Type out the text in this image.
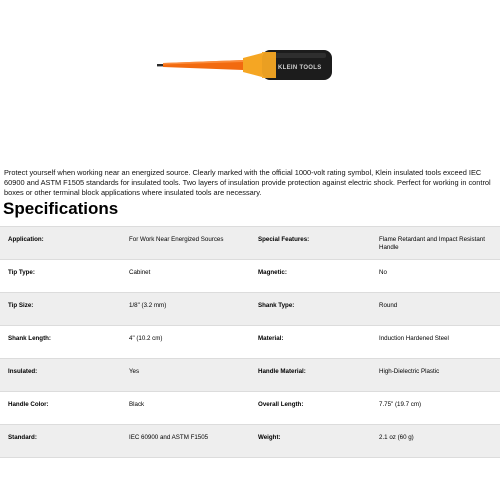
KLEIN TOOLS

Protect yourself when working near an energized source. Clearly marked with the official 1000-volt rating symbol, Klein insulated tools exceed IEC 60900 and ASTM F1505 standards for insulated tools. Two layers of insulation provide protection against electric shock. Perfect for working in control boxes or other terminal block applications where insulated tools are necessary.

Specifications
Application:	For Work Near Energized Sources	Special Features:	Flame Retardant and Impact Resistant Handle
Tip Type:	Cabinet	Magnetic:	No
Tip Size:	1/8" (3.2 mm)	Shank Type:	Round
Shank Length:	4" (10.2 cm)	Material:	Induction Hardened Steel
Insulated:	Yes	Handle Material:	High-Dielectric Plastic
Handle Color:	Black	Overall Length:	7.75" (19.7 cm)
Standard:	IEC 60900 and ASTM F1505	Weight:	2.1 oz (60 g)
